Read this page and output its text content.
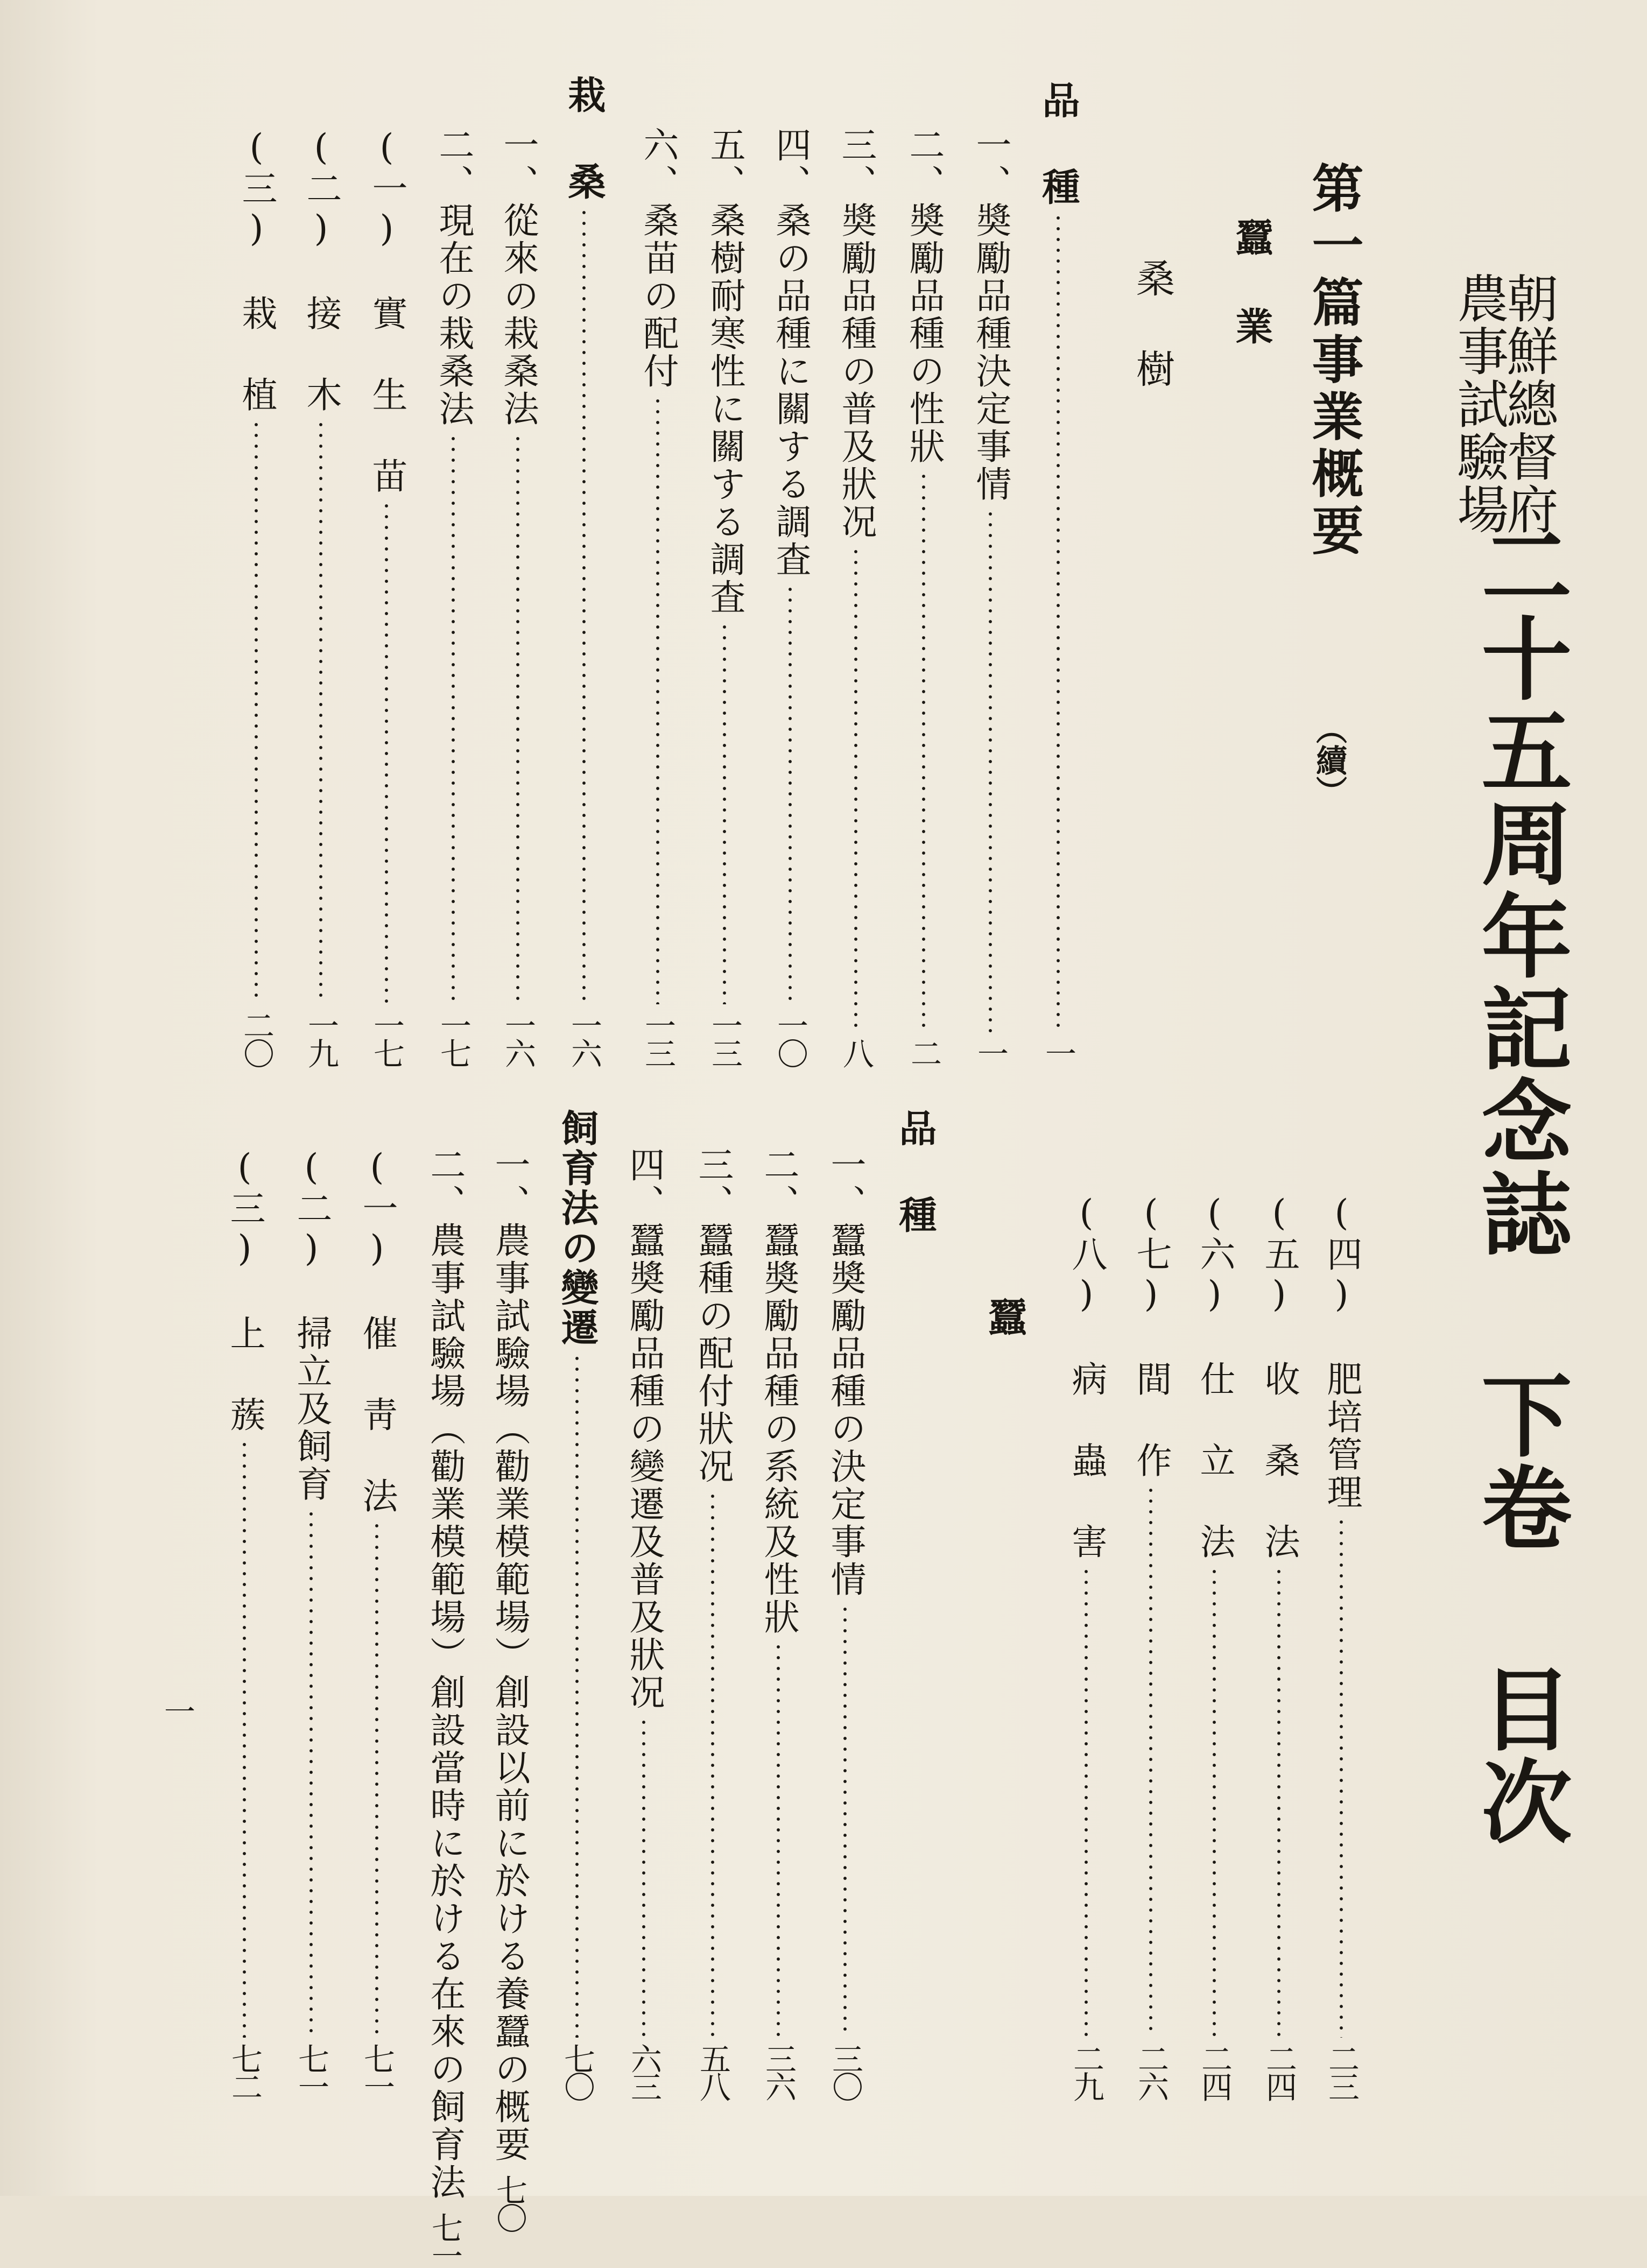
朝鮮總督府
農事試驗場
二十五周年記念誌 下卷 目次
第一篇事業概要
（續）
蠶 業
桑 樹
蠶	(四) 肥培管理
二三
(五) 收 桑 法
二四
(六) 仕 立 法
二四
(七) 間 作
二六
(八) 病 蟲 害
二九
品 種
一
一、奬勵品種決定事情
一
二、奬勵品種の性狀
二
三、奬勵品種の普及狀况
八
四、桑の品種に關する調査
一〇
五、桑樹耐寒性に關する調査
一三
六、桑苗の配付
一三
栽 桑
一六
一、從來の栽桑法
一六
二、現在の栽桑法
一七
(一) 實 生 苗
一七
(二) 接 木
一九
(三) 栽 植
二〇
品 種
一、蠶奬勵品種の決定事情
三〇
二、蠶奬勵品種の系統及性狀
三六
三、蠶種の配付狀况
五八
四、蠶奬勵品種の變遷及普及狀况
六三
飼育法の變遷
七〇
一、農事試驗場（勸業模範場）創設以前に於ける養蠶の概要
七〇
二、農事試驗場（勸業模範場）創設當時に於ける在來の飼育法
七一
(一) 催 靑 法
七一
(二) 掃立及飼育
七一
(三) 上 蔟
七二
一
